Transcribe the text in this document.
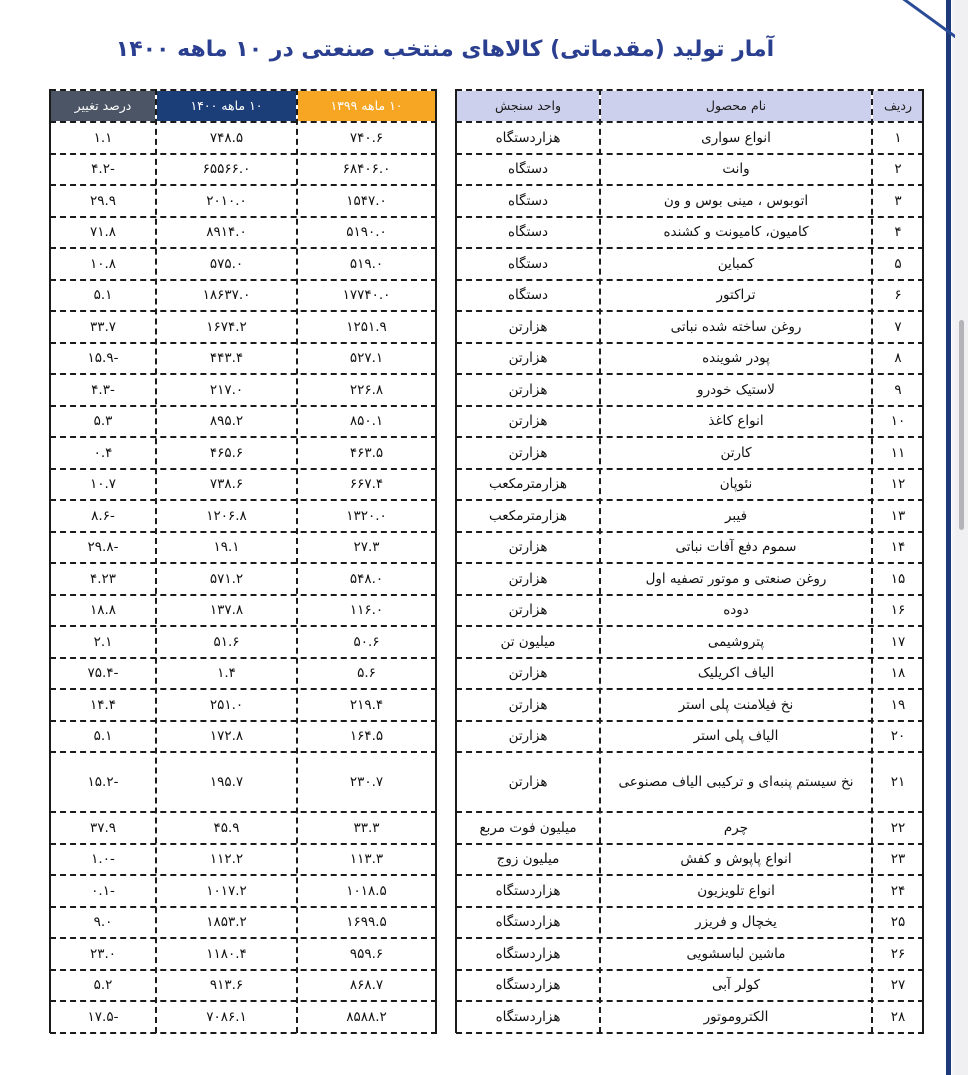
آمار تولید (مقدماتی) کالاهای منتخب صنعتی در ۱۰ ماهه ۱۴۰۰
درصد تغییر	۱۰ ماهه ۱۴۰۰	۱۰ ماهه ۱۳۹۹	واحد سنجش	نام محصول	ردیف
۱.۱	۷۴۸.۵	۷۴۰.۶	هزاردستگاه	انواع سواری	۱
-۴.۲	۶۵۵۶۶.۰	۶۸۴۰۶.۰	دستگاه	وانت	۲
۲۹.۹	۲۰۱۰.۰	۱۵۴۷.۰	دستگاه	اتوبوس ، مینی بوس و ون	۳
۷۱.۸	۸۹۱۴.۰	۵۱۹۰.۰	دستگاه	کامیون، کامیونت و کشنده	۴
۱۰.۸	۵۷۵.۰	۵۱۹.۰	دستگاه	کمباین	۵
۵.۱	۱۸۶۳۷.۰	۱۷۷۴۰.۰	دستگاه	تراکتور	۶
۳۳.۷	۱۶۷۴.۲	۱۲۵۱.۹	هزارتن	روغن ساخته شده نباتی	۷
-۱۵.۹	۴۴۳.۴	۵۲۷.۱	هزارتن	پودر شوینده	۸
-۴.۳	۲۱۷.۰	۲۲۶.۸	هزارتن	لاستیک خودرو	۹
۵.۳	۸۹۵.۲	۸۵۰.۱	هزارتن	انواع کاغذ	۱۰
۰.۴	۴۶۵.۶	۴۶۳.۵	هزارتن	کارتن	۱۱
۱۰.۷	۷۳۸.۶	۶۶۷.۴	هزارمترمکعب	نئوپان	۱۲
-۸.۶	۱۲۰۶.۸	۱۳۲۰.۰	هزارمترمکعب	فیبر	۱۳
-۲۹.۸	۱۹.۱	۲۷.۳	هزارتن	سموم دفع آفات نباتی	۱۴
۴.۲۳	۵۷۱.۲	۵۴۸.۰	هزارتن	روغن صنعتی و موتور تصفیه اول	۱۵
۱۸.۸	۱۳۷.۸	۱۱۶.۰	هزارتن	دوده	۱۶
۲.۱	۵۱.۶	۵۰.۶	میلیون تن	پتروشیمی	۱۷
-۷۵.۴	۱.۴	۵.۶	هزارتن	الیاف اکریلیک	۱۸
۱۴.۴	۲۵۱.۰	۲۱۹.۴	هزارتن	نخ فیلامنت پلی استر	۱۹
۵.۱	۱۷۲.۸	۱۶۴.۵	هزارتن	الیاف پلی استر	۲۰
-۱۵.۲	۱۹۵.۷	۲۳۰.۷	هزارتن	نخ سیستم پنبه‌ای و ترکیبی الیاف مصنوعی	۲۱
۳۷.۹	۴۵.۹	۳۳.۳	میلیون فوت مربع	چرم	۲۲
-۱.۰	۱۱۲.۲	۱۱۳.۳	میلیون زوج	انواع پاپوش و کفش	۲۳
-۰.۱	۱۰۱۷.۲	۱۰۱۸.۵	هزاردستگاه	انواع تلویزیون	۲۴
۹.۰	۱۸۵۳.۲	۱۶۹۹.۵	هزاردستگاه	یخچال و فریزر	۲۵
۲۳.۰	۱۱۸۰.۴	۹۵۹.۶	هزاردستگاه	ماشین لباسشویی	۲۶
۵.۲	۹۱۳.۶	۸۶۸.۷	هزاردستگاه	کولر آبی	۲۷
-۱۷.۵	۷۰۸۶.۱	۸۵۸۸.۲	هزاردستگاه	الکتروموتور	۲۸
